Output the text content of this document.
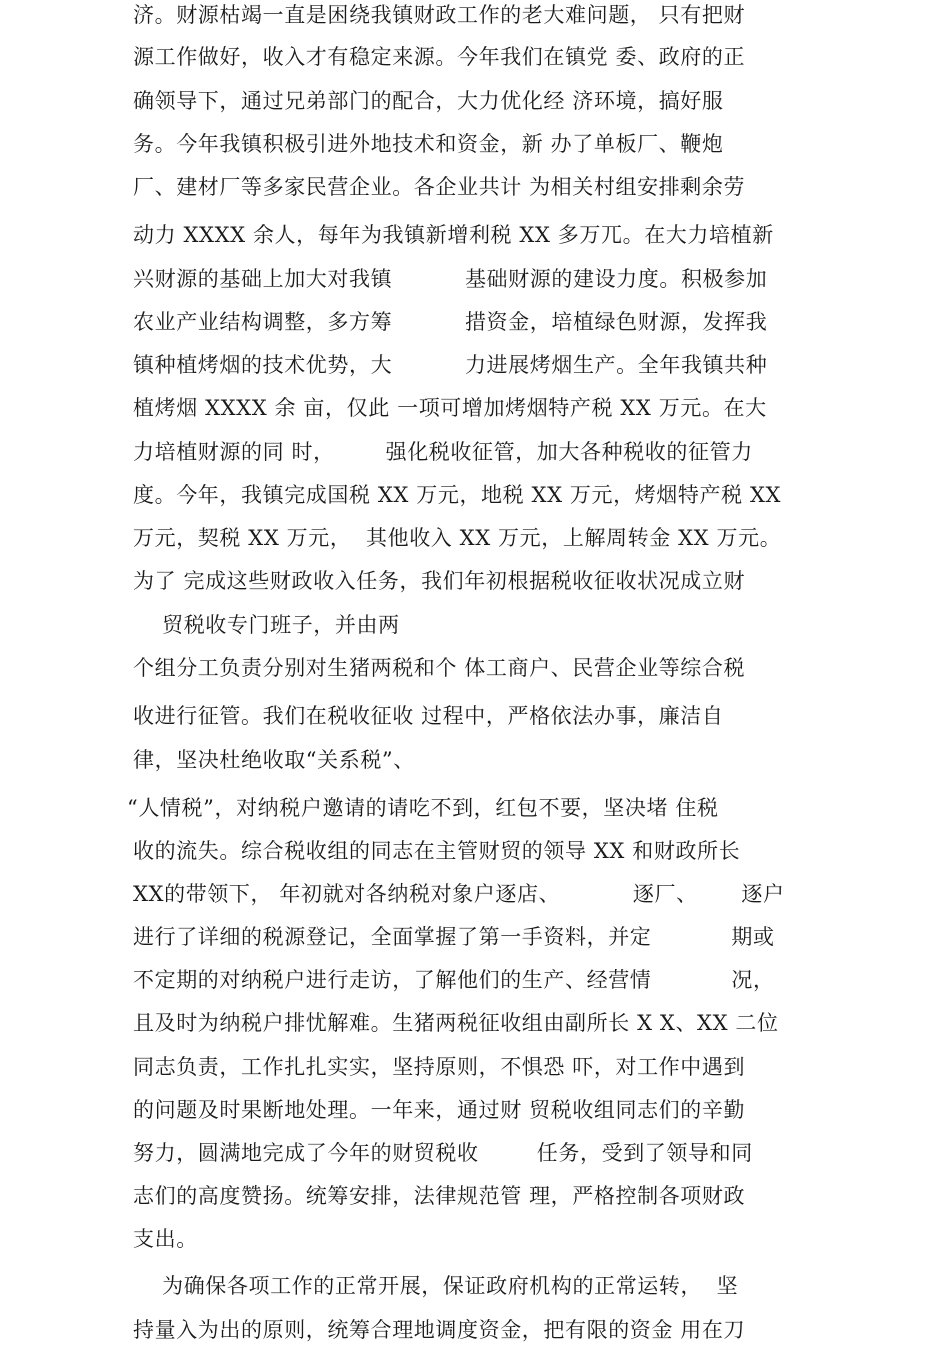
济。财源枯竭一直是困绕我镇财政工作的老大难问题， 只有把财
源工作做好，收入才有稳定来源。今年我们在镇党 委、政府的正
确领导下，通过兄弟部门的配合，大力优化经 济环境，搞好服
务。今年我镇积极引进外地技术和资金，新 办了单板厂、鞭炮
厂、建材厂等多家民营企业。各企业共计 为相关村组安排剩余劳
动力 XXXX 余人，每年为我镇新增利税 XX 多万兀。在大力培植新
兴财源的基础上加大对我镇          基础财源的建设力度。积极参加
农业产业结构调整，多方筹          措资金，培植绿色财源，发挥我
镇种植烤烟的技术优势，大          力进展烤烟生产。全年我镇共种
植烤烟 XXXX 余 亩，仅此 一项可增加烤烟特产税 XX 万元。在大
力培植财源的同 时，       强化税收征管，加大各种税收的征管力
度。今年，我镇完成国税 XX 万元，地税 XX 万元，烤烟特产税 XX
万元，契税 XX 万元，  其他收入 XX 万元，上解周转金 XX 万元。
为了 完成这些财政收入任务，我们年初根据税收征收状况成立财
贸税收专门班子，并由两
个组分工负责分别对生猪两税和个 体工商户、民营企业等综合税
收进行征管。我们在税收征收 过程中，严格依法办事，廉洁自
律，坚决杜绝收取“关系税”、
“人情税”，对纳税户邀请的请吃不到，红包不要，坚决堵 住税
收的流失。综合税收组的同志在主管财贸的领导 XX 和财政所长
XX的带领下， 年初就对各纳税对象户逐店、          逐厂、      逐户
进行了详细的税源登记，全面掌握了第一手资料，并定           期或
不定期的对纳税户进行走访，了解他们的生产、经营情           况，
且及时为纳税户排忧解难。生猪两税征收组由副所长 X X、XX 二位
同志负责，工作扎扎实实，坚持原则，不惧恐 吓，对工作中遇到
的问题及时果断地处理。一年来，通过财 贸税收组同志们的辛勤
努力，圆满地完成了今年的财贸税收        任务，受到了领导和同
志们的高度赞扬。统筹安排，法律规范管 理，严格控制各项财政
支出。
为确保各项工作的正常开展，保证政府机构的正常运转，  坚
持量入为出的原则，统筹合理地调度资金，把有限的资金 用在刀
